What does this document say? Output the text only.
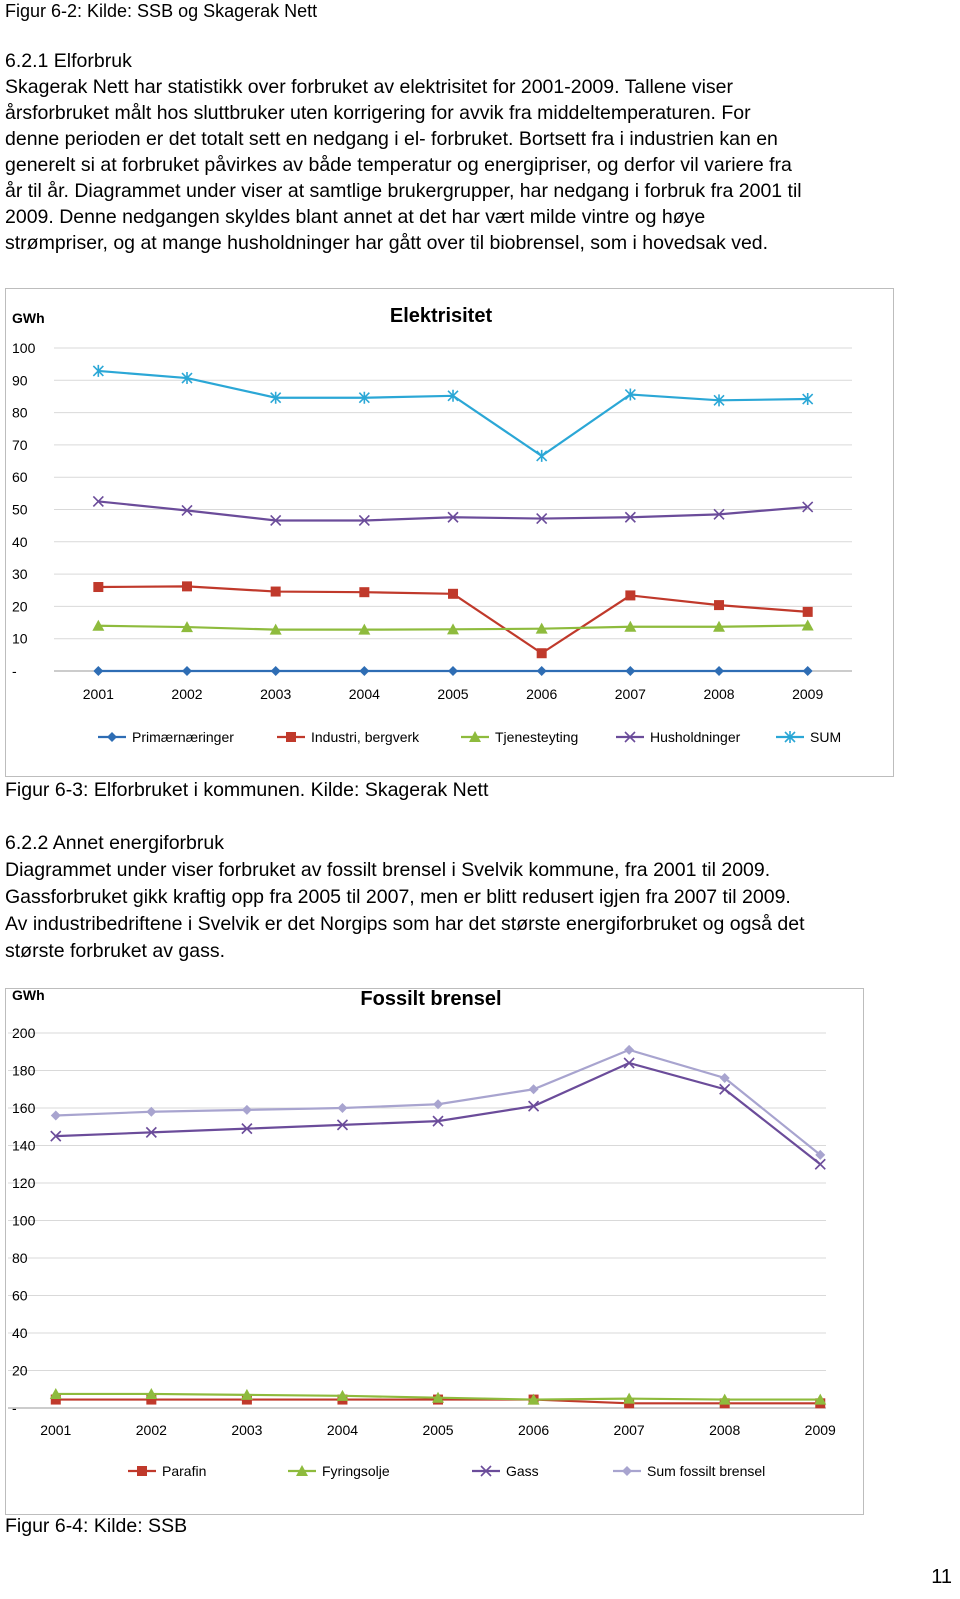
Figur 6-2: Kilde: SSB og Skagerak Nett
6.2.1 Elforbruk
Skagerak Nett har statistikk over forbruket av elektrisitet for 2001-2009. Tallene viser
årsforbruket målt hos sluttbruker uten korrigering for avvik fra middeltemperaturen. For
denne perioden er det totalt sett en nedgang i el- forbruket. Bortsett fra i industrien kan en
generelt si at forbruket påvirkes av både temperatur og energipriser, og derfor vil variere fra
år til år. Diagrammet under viser at samtlige brukergrupper, har nedgang i forbruk fra 2001 til
2009. Denne nedgangen skyldes blant annet at det har vært milde vintre og høye
strømpriser, og at mange husholdninger har gått over til biobrensel, som i hovedsak ved.
Elektrisitet
GWh
100
90
80
70
60
50
40
30
20
10
-
2001	2002	2003	2004	2005	2006	2007	2008	2009
Primærnæringer	Industri, bergverk	Tjenesteyting	Husholdninger	SUM
Figur 6-3: Elforbruket i kommunen. Kilde: Skagerak Nett
6.2.2 Annet energiforbruk
Diagrammet under viser forbruket av fossilt brensel i Svelvik kommune, fra 2001 til 2009.
Gassforbruket gikk kraftig opp fra 2005 til 2007, men er blitt redusert igjen fra 2007 til 2009.
Av industribedriftene i Svelvik er det Norgips som har det største energiforbruket og også det
største forbruket av gass.
Fossilt brensel
GWh
200
180
160
140
120
100
80
60
40
20
-
2001	2002	2003	2004	2005	2006	2007	2008	2009
Parafin	Fyringsolje	Gass	Sum fossilt brensel
Figur 6-4: Kilde: SSB
11
